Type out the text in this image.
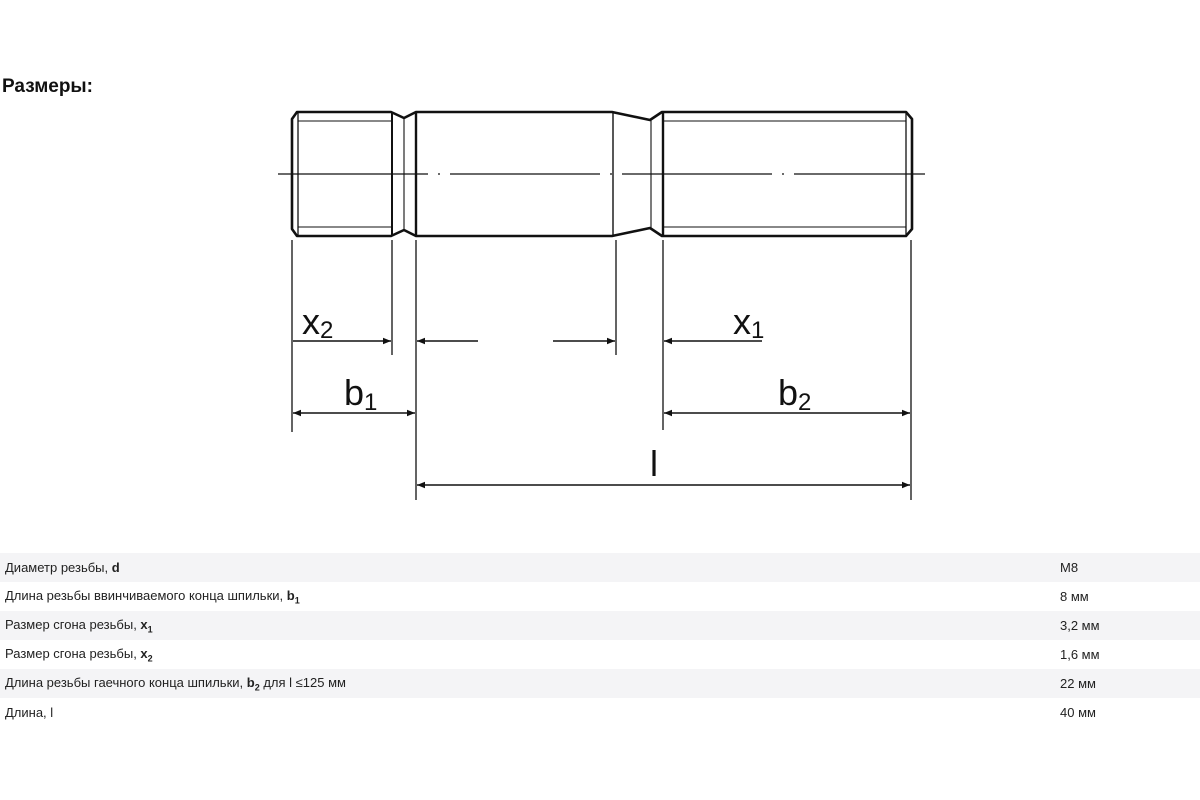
Размеры:
x2	x1
b1	b2
l
Диаметр резьбы, d	M8
Длина резьбы ввинчиваемого конца шпильки, $b_1$	8 мм
Размер сгона резьбы, $x_1$	3,2 мм
Размер сгона резьбы, $x_2$	1,6 мм
Длина резьбы гаечного конца шпильки, $b_2$ для l ≤125 мм	22 мм
Длина, l	40 мм
